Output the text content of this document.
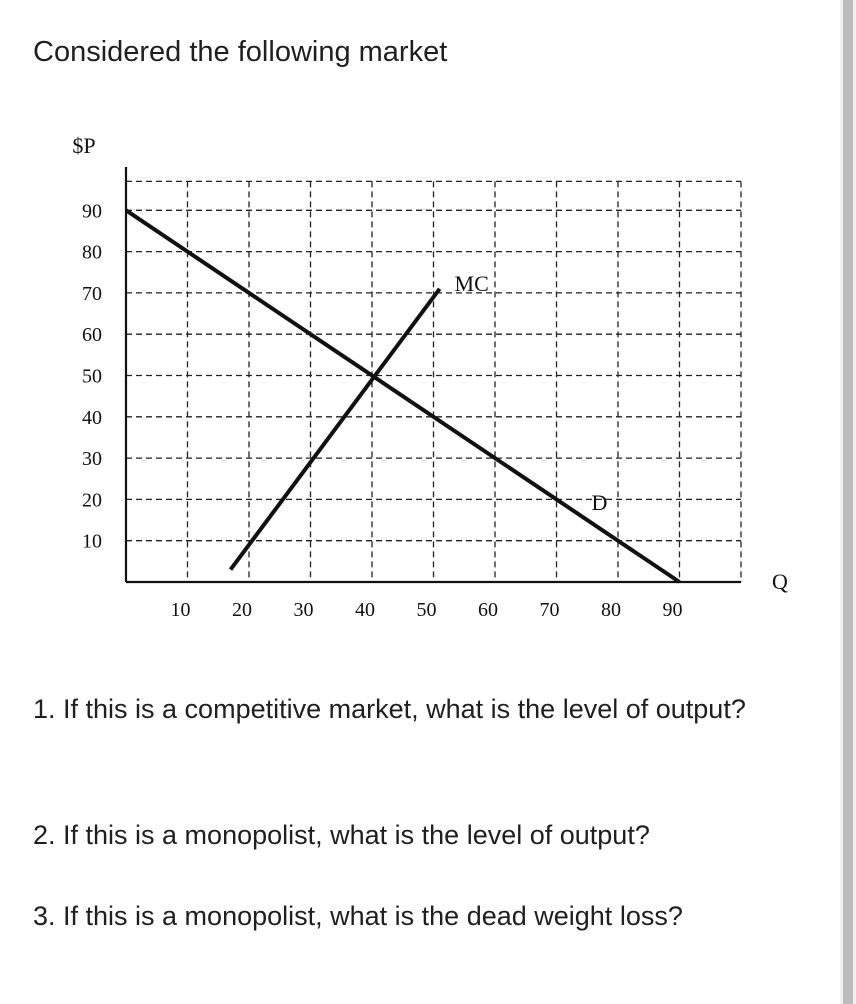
Considered the following market
$P
Q
10
20
30
40
50
60
70
80
90
10 20 30 40 50 60 70 80 90
D
MC

1. If this is a competitive market, what is the level of output?

2. If this is a monopolist, what is the level of output?

3. If this is a monopolist, what is the dead weight loss?
